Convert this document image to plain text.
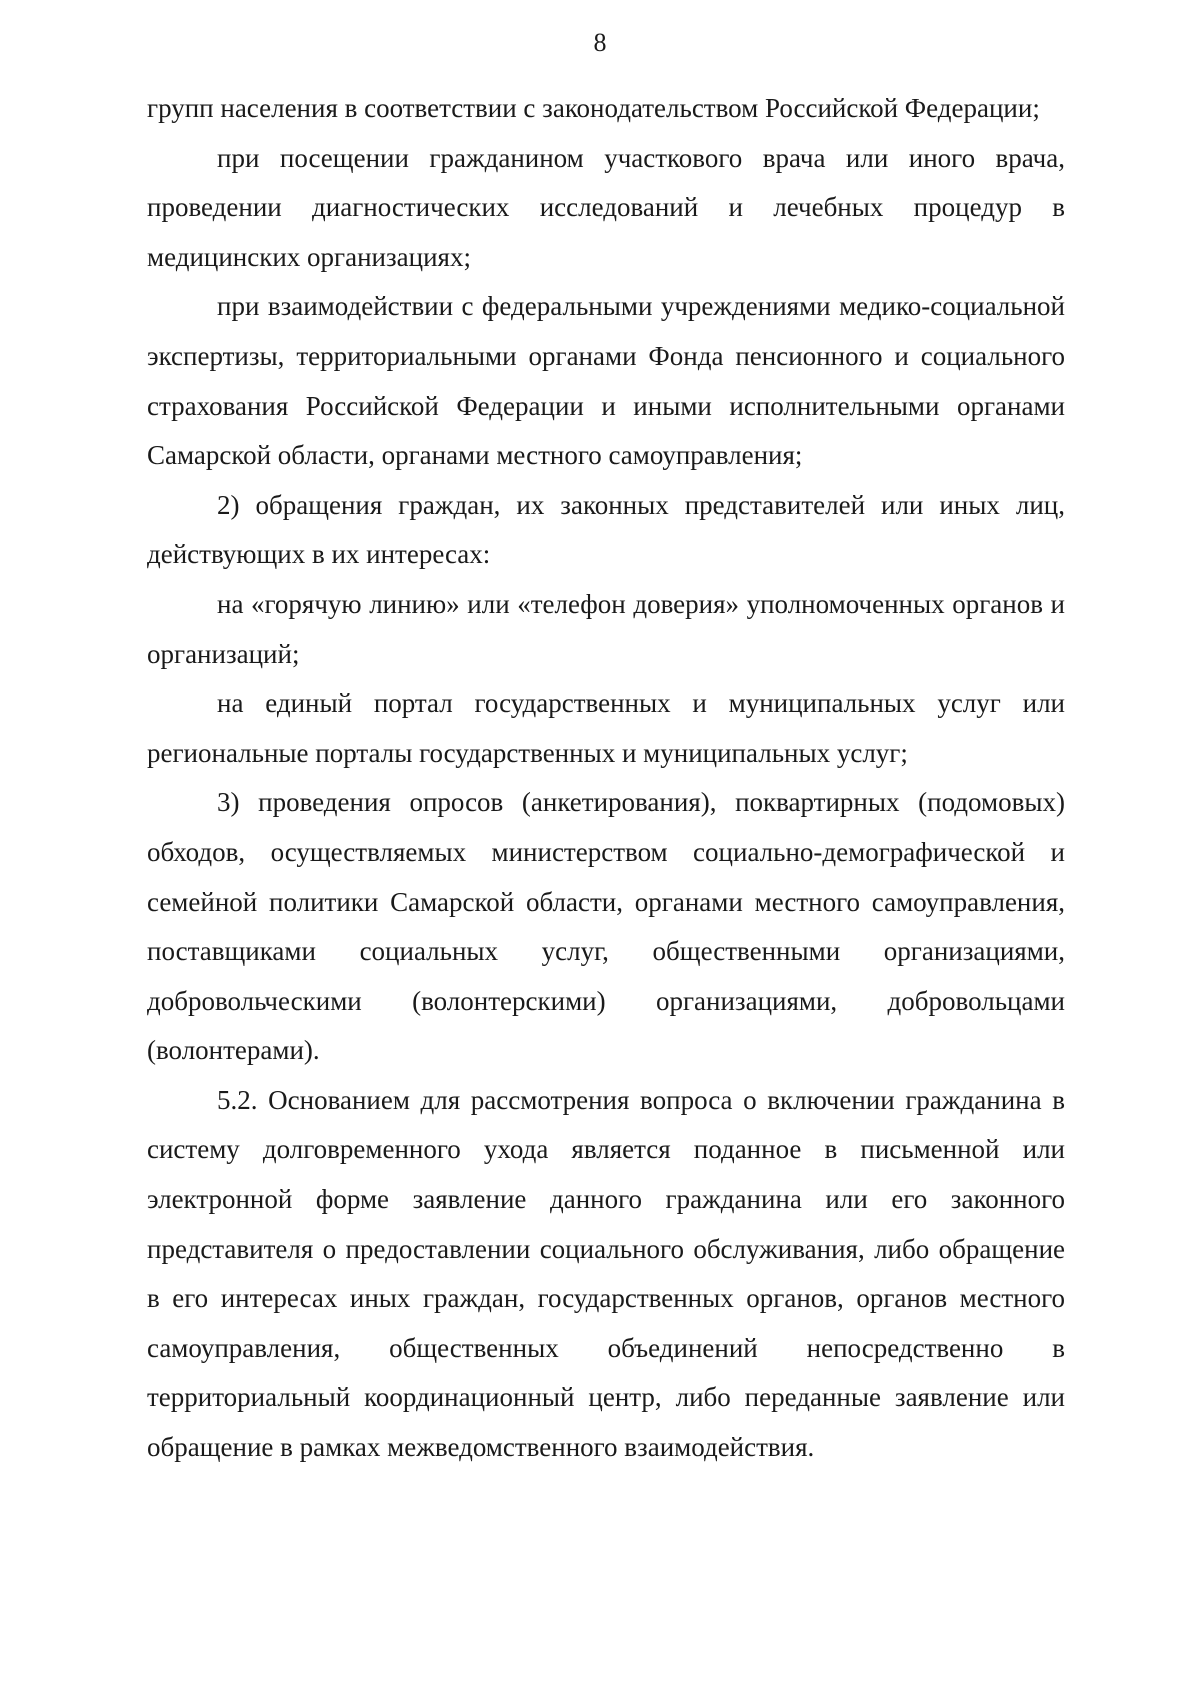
8

групп населения в соответствии с законодательством Российской Федерации;

при посещении гражданином участкового врача или иного врача, проведении диагностических исследований и лечебных процедур в медицинских организациях;

при взаимодействии с федеральными учреждениями медико-социальной экспертизы, территориальными органами Фонда пенсионного и социального страхования Российской Федерации и иными исполнительными органами Самарской области, органами местного самоуправления;

2) обращения граждан, их законных представителей или иных лиц, действующих в их интересах:

на «горячую линию» или «телефон доверия» уполномоченных органов и организаций;

на единый портал государственных и муниципальных услуг или региональные порталы государственных и муниципальных услуг;

3) проведения опросов (анкетирования), поквартирных (подомовых) обходов, осуществляемых министерством социально-демографической и семейной политики Самарской области, органами местного самоуправления, поставщиками социальных услуг, общественными организациями, добровольческими (волонтерскими) организациями, добровольцами (волонтерами).

5.2. Основанием для рассмотрения вопроса о включении гражданина в систему долговременного ухода является поданное в письменной или электронной форме заявление данного гражданина или его законного представителя о предоставлении социального обслуживания, либо обращение в его интересах иных граждан, государственных органов, органов местного самоуправления, общественных объединений непосредственно в территориальный координационный центр, либо переданные заявление или обращение в рамках межведомственного взаимодействия.
